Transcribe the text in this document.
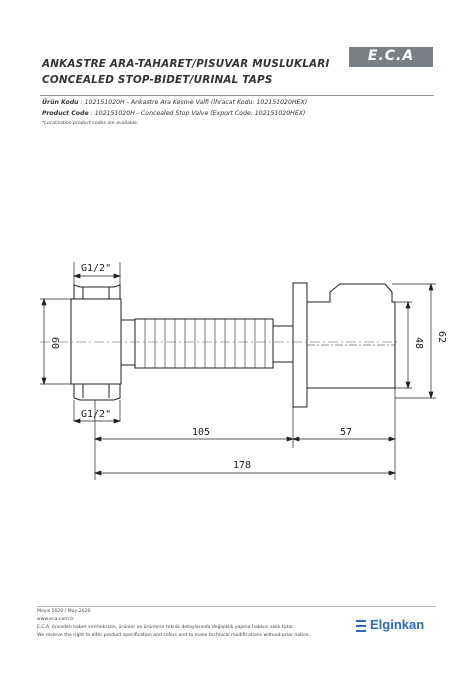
ANKASTRE ARA-TAHARET/PISUVAR MUSLUKLARI
CONCEALED STOP-BIDET/URINAL TAPS
E.C.A
Ürün Kodu : 102151020H - Ankastre Ara Kesme Valfi (İhracat Kodu: 102151020HEX)
Product Code : 102151020H - Concealed Stop Valve (Export Code: 102151020HEX)
*Localisation product codes are available.
G1/2"
G1/2"
105	57
178
60	48 62
Mayıs 2020 / May 2020
www.eca.com.tr
E.C.A. önceden haber vermeksizin, ürünler ve ürünlerin teknik detaylarında değişiklik yapma hakkını saklı tutar.
We reserve the right to alter product specification and colors and to make technical modifications without prior notice.
Elginkan
